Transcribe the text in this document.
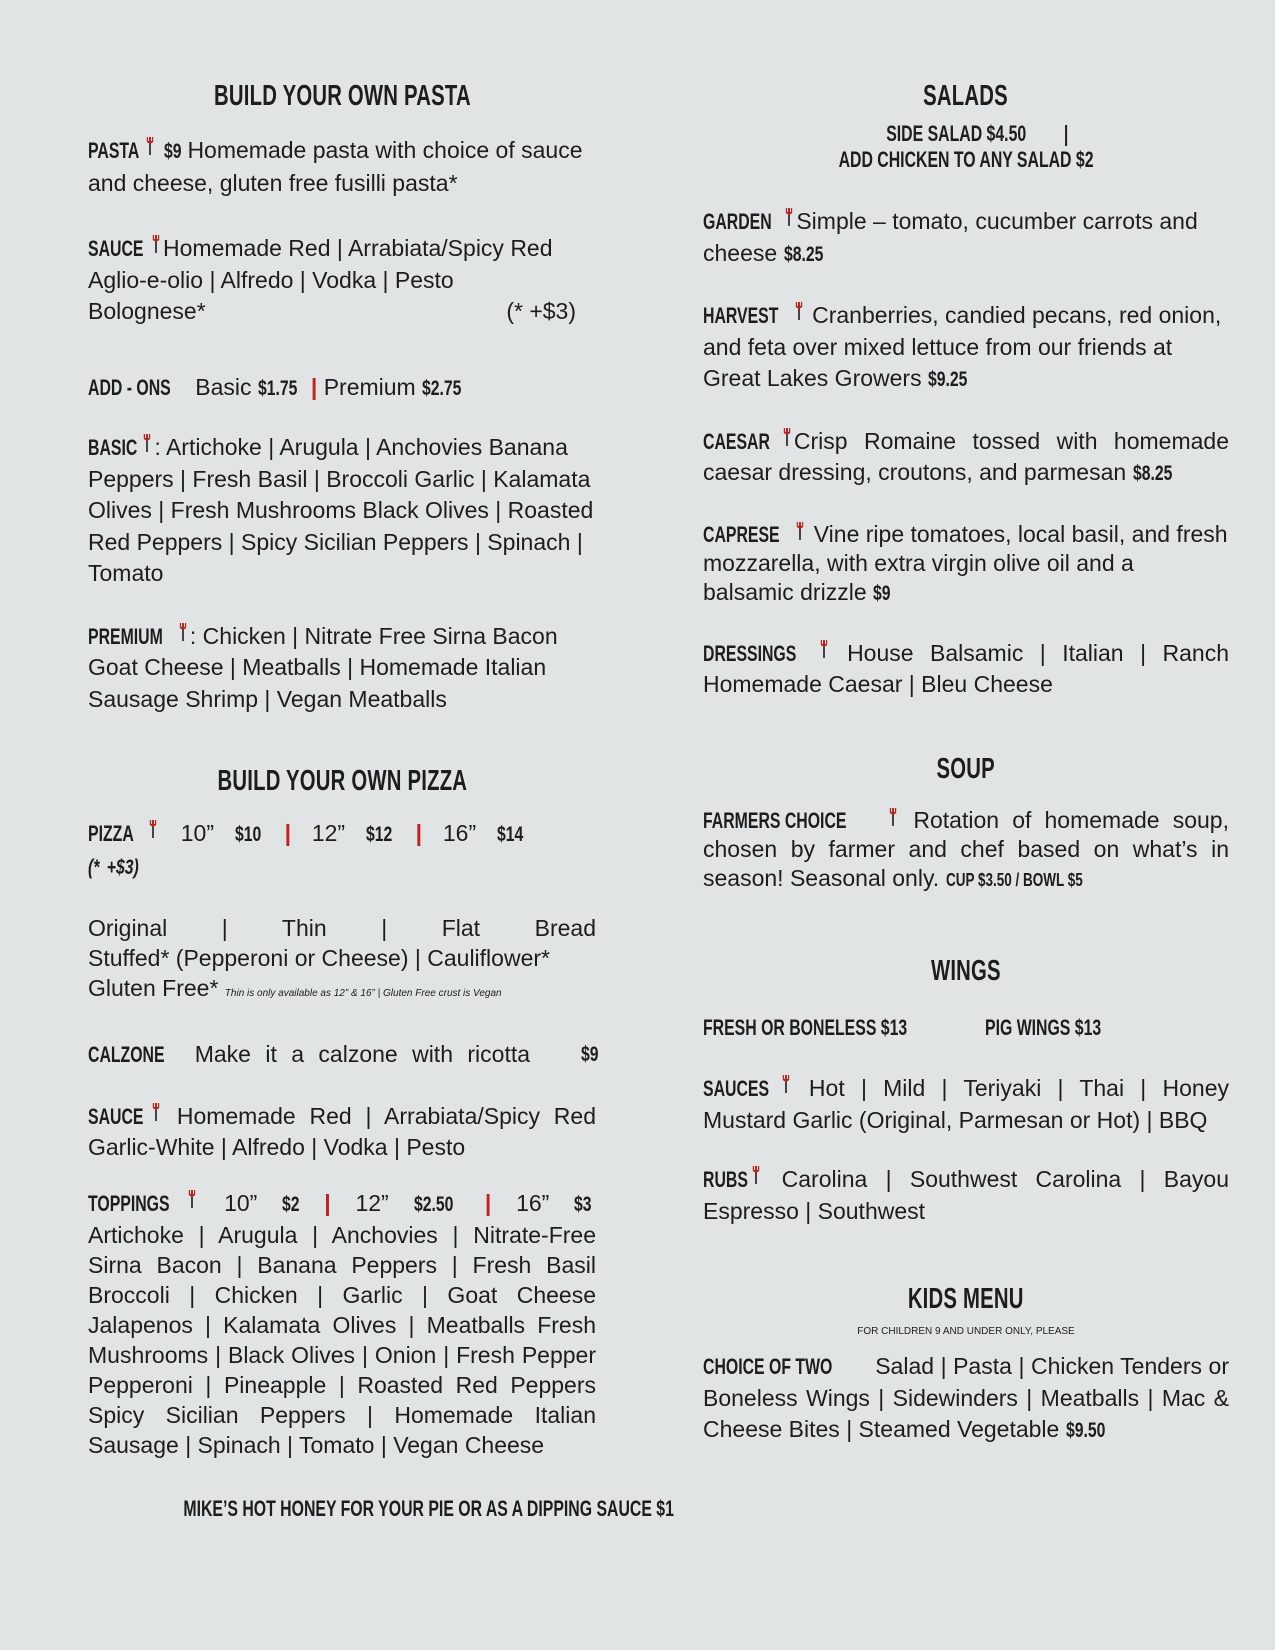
BUILD YOUR OWN PASTA

PASTA $9 Homemade pasta with choice of sauce and cheese, gluten free fusilli pasta*

SAUCE Homemade Red | Arrabiata/Spicy Red
Aglio-e-olio | Alfredo | Vodka | Pesto
Bolognese*	(* +$3)

ADD - ONS Basic $1.75 | Premium $2.75

BASIC : Artichoke | Arugula | Anchovies Banana Peppers | Fresh Basil | Broccoli Garlic | Kalamata Olives | Fresh Mushrooms Black Olives | Roasted Red Peppers | Spicy Sicilian Peppers | Spinach | Tomato

PREMIUM : Chicken | Nitrate Free Sirna Bacon Goat Cheese | Meatballs | Homemade Italian Sausage Shrimp | Vegan Meatballs

BUILD YOUR OWN PIZZA

PIZZA 10” $10 | 12” $12 | 16” $14  (* +$3)

Original | Thin | Flat Bread
Stuffed* (Pepperoni or Cheese) | Cauliflower*
Gluten Free* Thin is only available as 12” & 16” | Gluten Free crust is Vegan

CALZONE Make it a calzone with ricotta $9

SAUCE Homemade Red | Arrabiata/Spicy Red Garlic-White | Alfredo | Vodka | Pesto

TOPPINGS 10” $2 | 12” $2.50 | 16” $3
Artichoke | Arugula | Anchovies | Nitrate-Free Sirna Bacon | Banana Peppers | Fresh Basil Broccoli | Chicken | Garlic | Goat Cheese Jalapenos | Kalamata Olives | Meatballs Fresh Mushrooms | Black Olives | Onion | Fresh Pepper Pepperoni | Pineapple | Roasted Red Peppers Spicy Sicilian Peppers | Homemade Italian Sausage | Spinach | Tomato | Vegan Cheese

MIKE’S HOT HONEY FOR YOUR PIE OR AS A DIPPING SAUCE $1
SALADS
SIDE SALAD $4.50 | ADD CHICKEN TO ANY SALAD $2

GARDEN Simple – tomato, cucumber carrots and cheese $8.25

HARVEST Cranberries, candied pecans, red onion, and feta over mixed lettuce from our friends at Great Lakes Growers $9.25

CAESAR Crisp Romaine tossed with homemade caesar dressing, croutons, and parmesan $8.25

CAPRESE Vine ripe tomatoes, local basil, and fresh mozzarella, with extra virgin olive oil and a balsamic drizzle $9

DRESSINGS House Balsamic | Italian | Ranch Homemade Caesar | Bleu Cheese

SOUP

FARMERS CHOICE	Rotation of homemade soup, chosen by farmer and chef based on what’s in season! Seasonal only. CUP $3.50 / BOWL $5

WINGS

FRESH OR BONELESS $13	PIG WINGS $13

SAUCES Hot | Mild | Teriyaki | Thai | Honey Mustard Garlic (Original, Parmesan or Hot) | BBQ

RUBS Carolina | Southwest Carolina | Bayou Espresso | Southwest

KIDS MENU
FOR CHILDREN 9 AND UNDER ONLY, PLEASE

CHOICE OF TWO Salad | Pasta | Chicken Tenders or Boneless Wings | Sidewinders | Meatballs | Mac & Cheese Bites | Steamed Vegetable $9.50
